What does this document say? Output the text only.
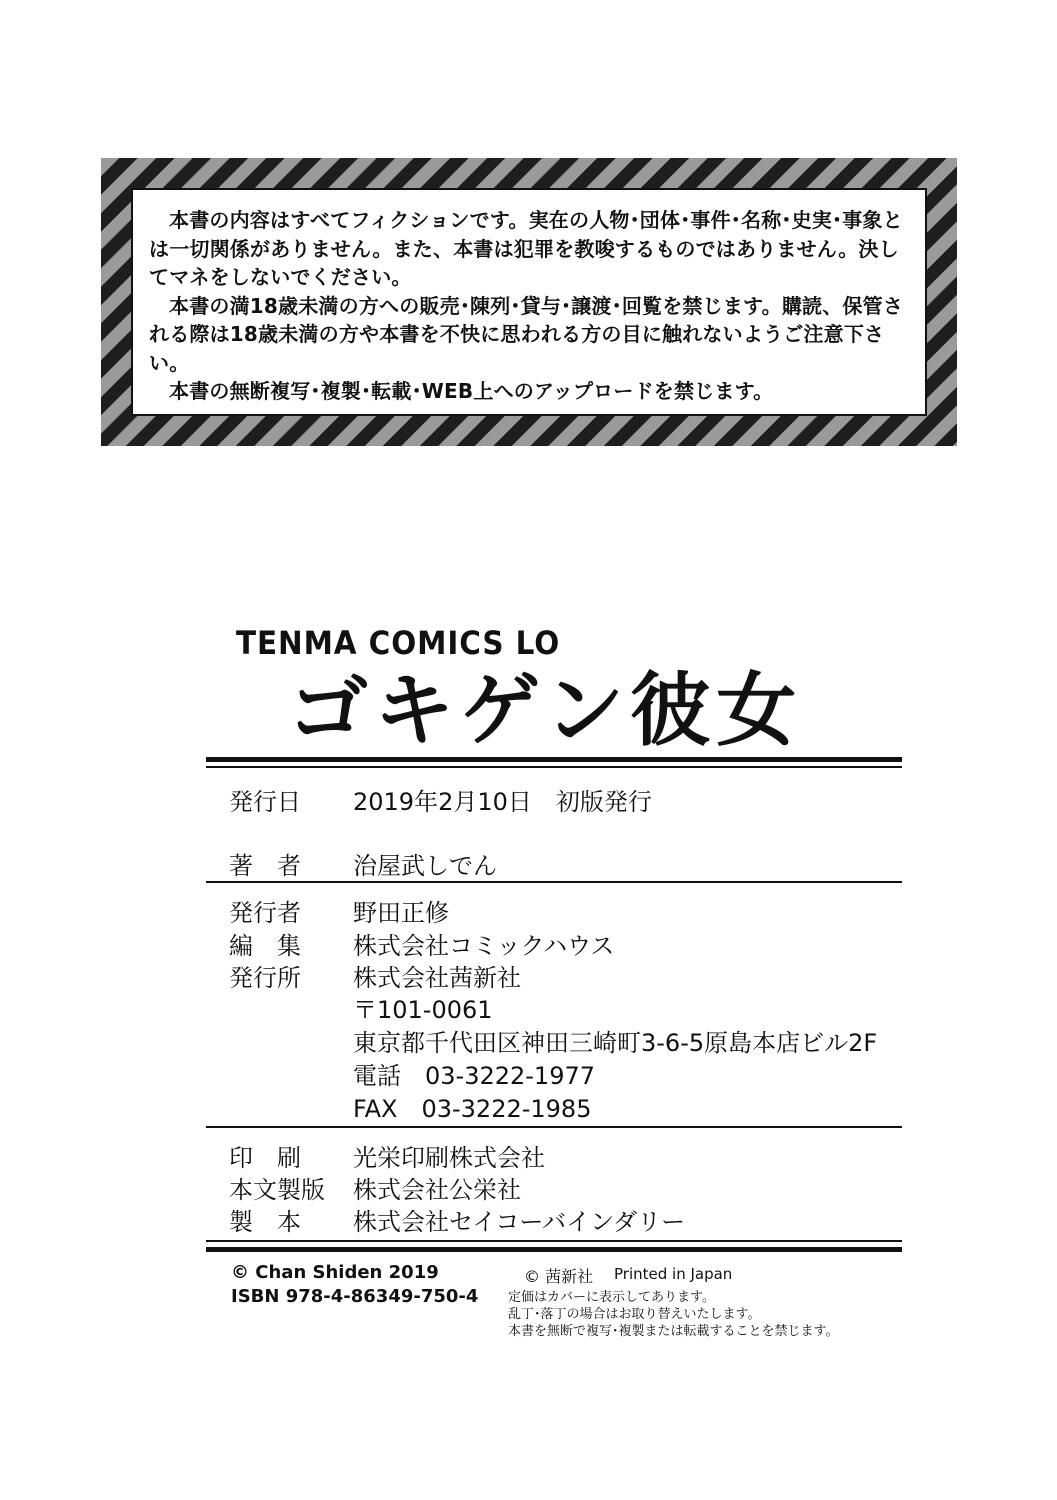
本書の内容はすべてフィクションです。実在の人物･団体･事件･名称･史実･事象とは一切関係がありません。また、本書は犯罪を教唆するものではありません。決してマネをしないでください。

本書の満18歳未満の方への販売･陳列･貸与･譲渡･回覧を禁じます。購読、保管される際は18歳未満の方や本書を不快に思われる方の目に触れないようご注意下さい。

本書の無断複写･複製･転載･WEB上へのアップロードを禁じます。

TENMA COMICS LO
ゴキゲン彼女
発行日 2019年2月10日　初版発行
著　者 治屋武しでん
発行者 野田正修
編　集 株式会社コミックハウス
発行所 株式会社茜新社
〒101-0061
東京都千代田区神田三崎町3-6-5原島本店ビル2F
電話　03-3222-1977
FAX　03-3222-1985
印　刷 光栄印刷株式会社
本文製版 株式会社公栄社
製　本 株式会社セイコーバインダリー
© Chan Shiden 2019
ISBN 978-4-86349-750-4
© 茜新社 Printed in Japan
定価はカバーに表示してあります。
乱丁･落丁の場合はお取り替えいたします。
本書を無断で複写･複製または転載することを禁じます。
